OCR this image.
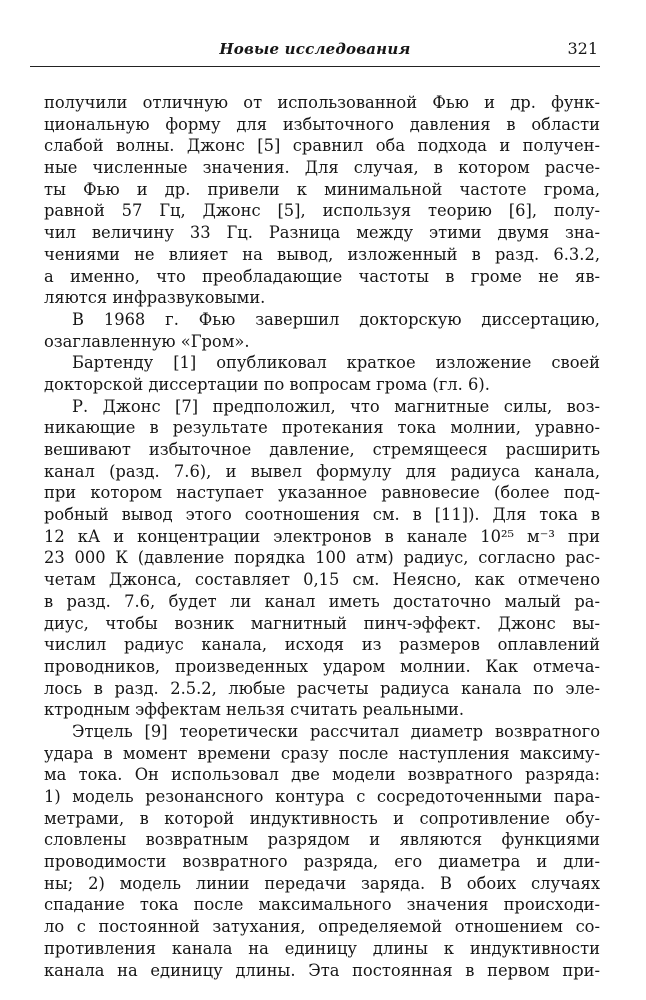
Новые исследования	321
получили отличную от использованной Фью и др. функ-
циональную форму для избыточного давления в области
слабой волны. Джонс [5] сравнил оба подхода и получен-
ные численные значения. Для случая, в котором расче-
ты Фью и др. привели к минимальной частоте грома,
равной 57 Гц, Джонс [5], используя теорию [6], полу-
чил величину 33 Гц. Разница между этими двумя зна-
чениями не влияет на вывод, изложенный в разд. 6.3.2,
а именно, что преобладающие частоты в громе не яв-
ляются инфразвуковыми.
В 1968 г. Фью завершил докторскую диссертацию,
озаглавленную «Гром».
Бартенду [1] опубликовал краткое изложение своей
докторской диссертации по вопросам грома (гл. 6).
Р. Джонс [7] предположил, что магнитные силы, воз-
никающие в результате протекания тока молнии, уравно-
вешивают избыточное давление, стремящееся расширить
канал (разд. 7.6), и вывел формулу для радиуса канала,
при котором наступает указанное равновесие (более под-
робный вывод этого соотношения см. в [11]). Для тока в
12 кА и концентрации электронов в канале 10²⁵ м⁻³ при
23 000 К (давление порядка 100 атм) радиус, согласно рас-
четам Джонса, составляет 0,15 см. Неясно, как отмечено
в разд. 7.6, будет ли канал иметь достаточно малый ра-
диус, чтобы возник магнитный пинч-эффект. Джонс вы-
числил радиус канала, исходя из размеров оплавлений
проводников, произведенных ударом молнии. Как отмеча-
лось в разд. 2.5.2, любые расчеты радиуса канала по эле-
ктродным эффектам нельзя считать реальными.
Этцель [9] теоретически рассчитал диаметр возвратного
удара в момент времени сразу после наступления максиму-
ма тока. Он использовал две модели возвратного разряда:
1) модель резонансного контура с сосредоточенными пара-
метрами, в которой индуктивность и сопротивление обу-
словлены возвратным разрядом и являются функциями
проводимости возвратного разряда, его диаметра и дли-
ны; 2) модель линии передачи заряда. В обоих случаях
спадание тока после максимального значения происходи-
ло с постоянной затухания, определяемой отношением со-
противления канала на единицу длины к индуктивности
канала на единицу длины. Эта постоянная в первом при-
